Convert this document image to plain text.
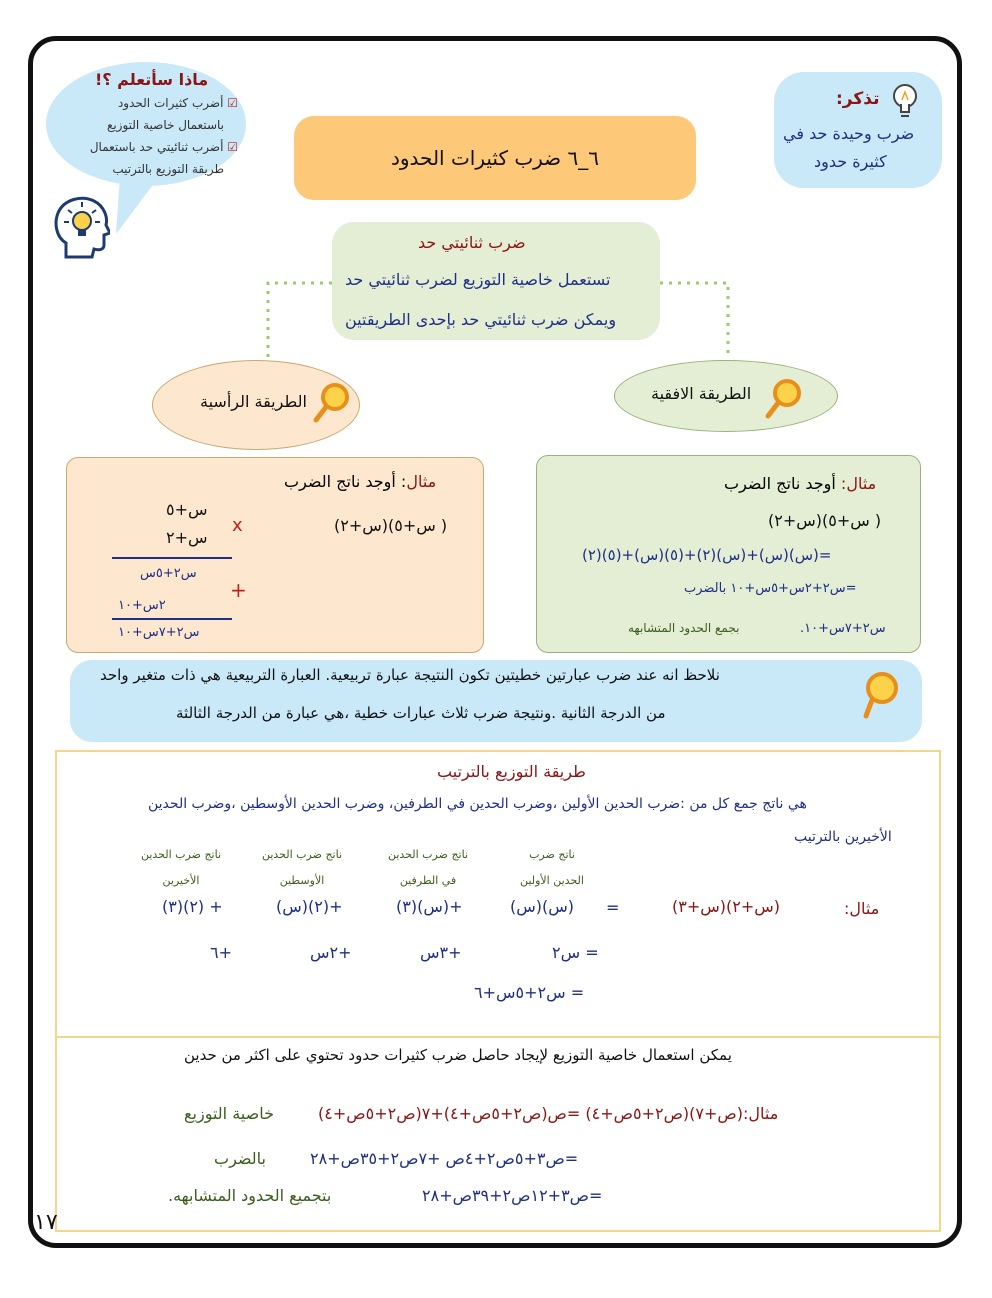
ماذا سأتعلم ؟!
☑ أضرب كثيرات الحدود
باستعمال خاصية التوزيع
☑ أضرب ثنائيتي حد باستعمال
طريقة التوزيع بالترتيب
تذكر:
ضرب وحيدة حد في
كثيرة حدود
٦_٦ ضرب كثيرات الحدود
ضرب ثنائيتي حد
تستعمل خاصية التوزيع لضرب ثنائيتي حد
ويمكن ضرب ثنائيتي حد بإحدى الطريقتين
الطريقة الرأسية	الطريقة الافقية
مثال: أوجد ناتج الضرب
( س+٥)(س+٢)
س+٥
س+٢
x
س٢+٥س
+
٢س+١٠
س٢+٧س+١٠
مثال: أوجد ناتج الضرب
( س+٥)(س+٢)
=(س)(س)+(س)(٢)+(٥)(س)+(٥)(٢)
=س٢+٢س+٥س+١٠ بالضرب
س٢+٧س+١٠.
بجمع الحدود المتشابهه
نلاحظ انه عند ضرب عبارتين خطيتين تكون النتيجة عبارة تربيعية. العبارة التربيعية هي ذات متغير واحد
من الدرجة الثانية .ونتيجة ضرب ثلاث عبارات خطية ،هي عبارة من الدرجة الثالثة
طريقة التوزيع بالترتيب
هي ناتج جمع كل من :ضرب الحدين الأولين ،وضرب الحدين في الطرفين، وضرب الحدين الأوسطين ،وضرب الحدين
الأخيرين بالترتيب
ناتج ضرب
الحدين الأولين
ناتج ضرب الحدين
في الطرفين
ناتج ضرب الحدين
الأوسطين
ناتج ضرب الحدين
الأخيرين
مثال:
(س+٢)(س+٣)
=
(س)(س)
+(س)(٣)
+(٢)(س)
+ (٢)(٣)
= س٢
+٣س
+٢س
+٦
= س٢+٥س+٦
يمكن استعمال خاصية التوزيع لإيجاد حاصل ضرب كثيرات حدود تحتوي على اكثر من حدين
مثال:(ص+٧)(ص٢+٥ص+٤) =ص(ص٢+٥ص+٤)+٧(ص٢+٥ص+٤)
خاصية التوزيع
=ص٣+٥ص٢+٤ص +٧ص٢+٣٥ص+٢٨
بالضرب
=ص٣+١٢ص٢+٣٩ص+٢٨
بتجميع الحدود المتشابهه.
١٧
